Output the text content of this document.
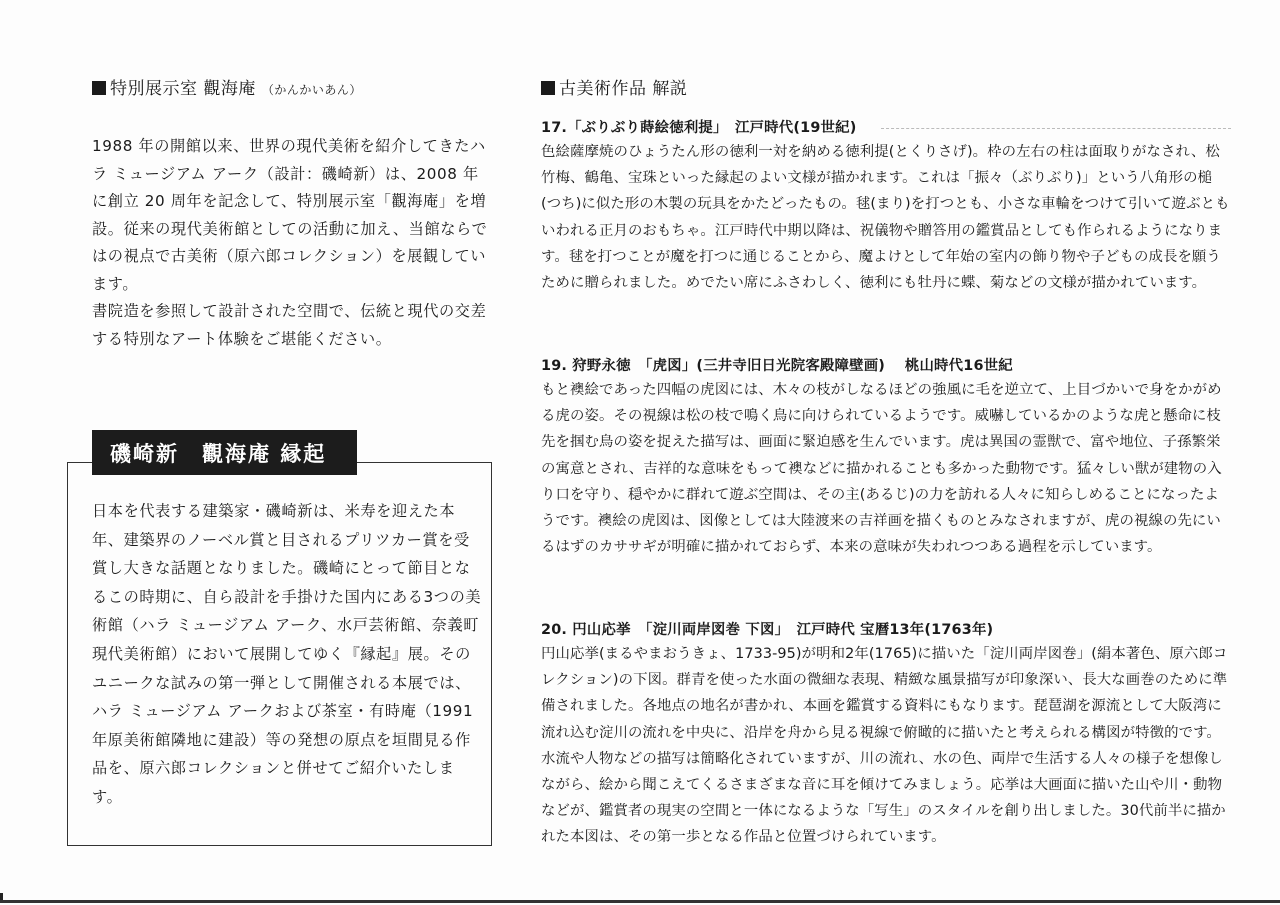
特別展示室 觀海庵 （かんかいあん）

1988 年の開館以来、世界の現代美術を紹介してきたハラ ミュージアム アーク（設計：磯崎新）は、2008 年に創立 20 周年を記念して、特別展示室「觀海庵」を増設。従来の現代美術館としての活動に加え、当館ならではの視点で古美術（原六郎コレクション）を展観しています。

書院造を参照して設計された空間で、伝統と現代の交差する特別なアート体験をご堪能ください。

磯崎新　觀海庵 縁起

日本を代表する建築家・磯崎新は、米寿を迎えた本年、建築界のノーベル賞と目されるプリツカー賞を受賞し大きな話題となりました。磯崎にとって節目となるこの時期に、自ら設計を手掛けた国内にある3つの美術館（ハラ ミュージアム アーク、水戸芸術館、奈義町現代美術館）において展開してゆく『縁起』展。そのユニークな試みの第一弾として開催される本展では、ハラ ミュージアム アークおよび茶室・有時庵（1991 年原美術館隣地に建設）等の発想の原点を垣間見る作品を、原六郎コレクションと併せてご紹介いたします。

古美術作品 解説
17.「ぶりぶり蒔絵徳利提」　江戸時代(19世紀)

色絵薩摩焼のひょうたん形の徳利一対を納める徳利提(とくりさげ)。枠の左右の柱は面取りがなされ、松竹梅、鶴亀、宝珠といった縁起のよい文様が描かれます。これは「振々（ぶりぶり)」という八角形の槌(つち)に似た形の木製の玩具をかたどったもの。毬(まり)を打つとも、小さな車輪をつけて引いて遊ぶともいわれる正月のおもちゃ。江戸時代中期以降は、祝儀物や贈答用の鑑賞品としても作られるようになります。毬を打つことが魔を打つに通じることから、魔よけとして年始の室内の飾り物や子どもの成長を願うために贈られました。めでたい席にふさわしく、徳利にも牡丹に蝶、菊などの文様が描かれています。

19. 狩野永徳　「虎図」(三井寺旧日光院客殿障壁画)　 桃山時代16世紀

もと襖絵であった四幅の虎図には、木々の枝がしなるほどの強風に毛を逆立て、上目づかいで身をかがめる虎の姿。その視線は松の枝で鳴く鳥に向けられているようです。威嚇しているかのような虎と懸命に枝先を掴む鳥の姿を捉えた描写は、画面に緊迫感を生んでいます。虎は異国の霊獣で、富や地位、子孫繁栄の寓意とされ、吉祥的な意味をもって襖などに描かれることも多かった動物です。猛々しい獣が建物の入り口を守り、穏やかに群れて遊ぶ空間は、その主(あるじ)の力を訪れる人々に知らしめることになったようです。襖絵の虎図は、図像としては大陸渡来の吉祥画を描くものとみなされますが、虎の視線の先にいるはずのカササギが明確に描かれておらず、本来の意味が失われつつある過程を示しています。

20. 円山応挙　「淀川両岸図巻 下図」　江戸時代 宝暦13年(1763年)

円山応挙(まるやまおうきょ、1733-95)が明和2年(1765)に描いた「淀川両岸図巻」(絹本著色、原六郎コレクション)の下図。群青を使った水面の微細な表現、精緻な風景描写が印象深い、長大な画巻のために準備されました。各地点の地名が書かれ、本画を鑑賞する資料にもなります。琵琶湖を源流として大阪湾に流れ込む淀川の流れを中央に、沿岸を舟から見る視線で俯瞰的に描いたと考えられる構図が特徴的です。水流や人物などの描写は簡略化されていますが、川の流れ、水の色、両岸で生活する人々の様子を想像しながら、絵から聞こえてくるさまざまな音に耳を傾けてみましょう。応挙は大画面に描いた山や川・動物などが、鑑賞者の現実の空間と一体になるような「写生」のスタイルを創り出しました。30代前半に描かれた本図は、その第一歩となる作品と位置づけられています。
